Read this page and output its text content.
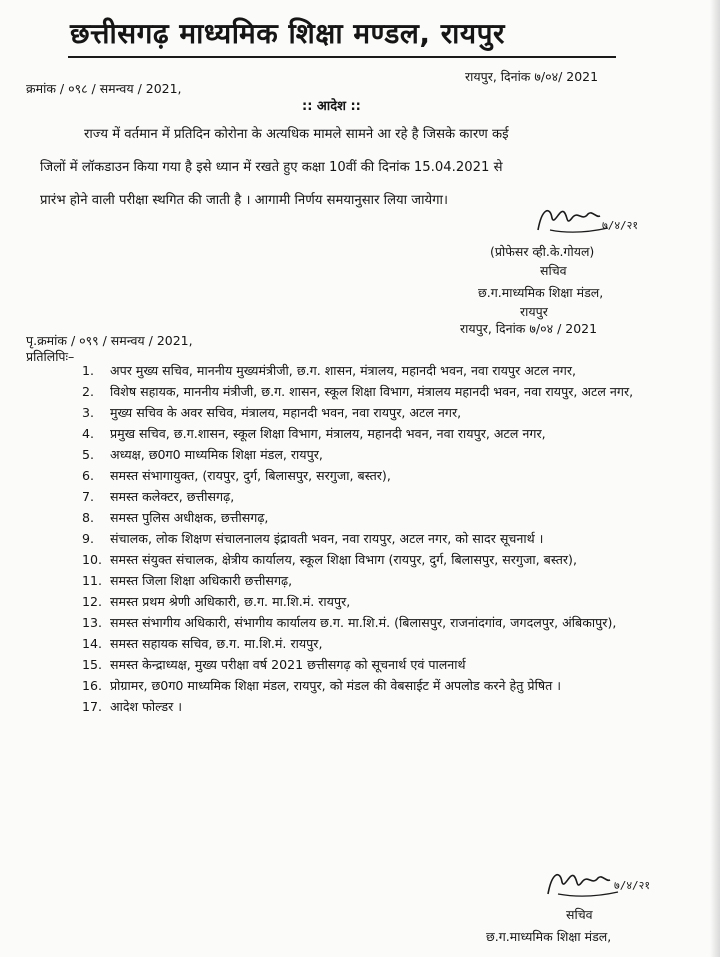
छत्तीसगढ़ माध्यमिक शिक्षा मण्डल, रायपुर
क्रमांक / ०९८ / समन्वय / 2021,
रायपुर, दिनांक ७/०४/ 2021
:: आदेश ::
राज्य में वर्तमान में प्रतिदिन कोरोना के अत्यधिक मामले सामने आ रहे है जिसके कारण कई
जिलों में लॉकडाउन किया गया है इसे ध्यान में रखते हुए कक्षा 10वीं की दिनांक 15.04.2021 से
प्रारंभ होने वाली परीक्षा स्थगित की जाती है । आगामी निर्णय समयानुसार लिया जायेगा।
७/४/२१
(प्रोफेसर व्ही.के.गोयल)
सचिव
छ.ग.माध्यमिक शिक्षा मंडल,
रायपुर
पृ.क्रमांक / ०९९ / समन्वय / 2021,
रायपुर, दिनांक ७/०४ / 2021
प्रतिलिपिः–
1. अपर मुख्य सचिव, माननीय मुख्यमंत्रीजी, छ.ग. शासन, मंत्रालय, महानदी भवन, नवा रायपुर अटल नगर,
2. विशेष सहायक, माननीय मंत्रीजी, छ.ग. शासन, स्कूल शिक्षा विभाग, मंत्रालय महानदी भवन, नवा रायपुर, अटल नगर,
3. मुख्य सचिव के अवर सचिव, मंत्रालय, महानदी भवन, नवा रायपुर, अटल नगर,
4. प्रमुख सचिव, छ.ग.शासन, स्कूल शिक्षा विभाग, मंत्रालय, महानदी भवन, नवा रायपुर, अटल नगर,
5. अध्यक्ष, छ0ग0 माध्यमिक शिक्षा मंडल, रायपुर,
6. समस्त संभागायुक्त, (रायपुर, दुर्ग, बिलासपुर, सरगुजा, बस्तर),
7. समस्त कलेक्टर, छत्तीसगढ़,
8. समस्त पुलिस अधीक्षक, छत्तीसगढ़,
9. संचालक, लोक शिक्षण संचालनालय इंद्रावती भवन, नवा रायपुर, अटल नगर, को सादर सूचनार्थ ।
10. समस्त संयुक्त संचालक, क्षेत्रीय कार्यालय, स्कूल शिक्षा विभाग (रायपुर, दुर्ग, बिलासपुर, सरगुजा, बस्तर),
11. समस्त जिला शिक्षा अधिकारी छत्तीसगढ़,
12. समस्त प्रथम श्रेणी अधिकारी, छ.ग. मा.शि.मं. रायपुर,
13. समस्त संभागीय अधिकारी, संभागीय कार्यालय छ.ग. मा.शि.मं. (बिलासपुर, राजनांदगांव, जगदलपुर, अंबिकापुर),
14. समस्त सहायक सचिव, छ.ग. मा.शि.मं. रायपुर,
15. समस्त केन्द्राध्यक्ष, मुख्य परीक्षा वर्ष 2021 छत्तीसगढ़ को सूचनार्थ एवं पालनार्थ
16. प्रोग्रामर, छ0ग0 माध्यमिक शिक्षा मंडल, रायपुर, को मंडल की वेबसाईट में अपलोड करने हेतु प्रेषित ।
17. आदेश फोल्डर ।
७/४/२१
सचिव
छ.ग.माध्यमिक शिक्षा मंडल,
